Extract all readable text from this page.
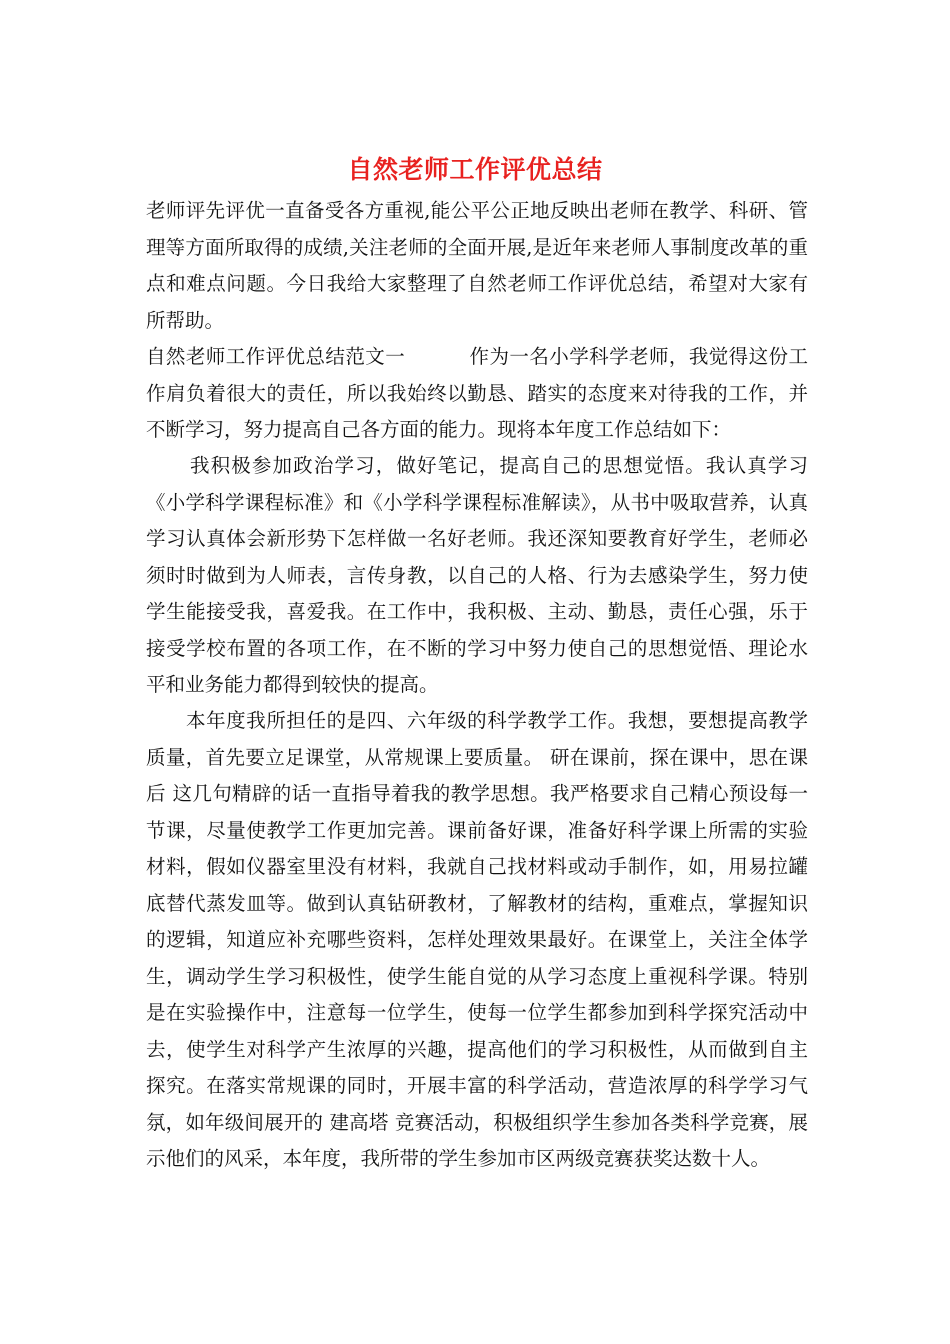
自然老师工作评优总结
老师评先评优一直备受各方重视,能公平公正地反映出老师在教学、科研、管理等方面所取得的成绩,关注老师的全面开展,是近年来老师人事制度改革的重点和难点问题。今日我给大家整理了自然老师工作评优总结，希望对大家有所帮助。
自然老师工作评优总结范文一	作为一名小学科学老师，我觉得这份工作肩负着很大的责任，所以我始终以勤恳、踏实的态度来对待我的工作，并不断学习，努力提高自己各方面的能力。现将本年度工作总结如下：
我积极参加政治学习，做好笔记，提高自己的思想觉悟。我认真学习《小学科学课程标准》和《小学科学课程标准解读》，从书中吸取营养，认真学习认真体会新形势下怎样做一名好老师。我还深知要教育好学生，老师必须时时做到为人师表，言传身教，以自己的人格、行为去感染学生，努力使学生能接受我，喜爱我。在工作中，我积极、主动、勤恳，责任心强，乐于接受学校布置的各项工作，在不断的学习中努力使自己的思想觉悟、理论水平和业务能力都得到较快的提高。
本年度我所担任的是四、六年级的科学教学工作。我想，要想提高教学质量，首先要立足课堂，从常规课上要质量。 研在课前，探在课中，思在课后 这几句精辟的话一直指导着我的教学思想。我严格要求自己精心预设每一节课，尽量使教学工作更加完善。课前备好课，准备好科学课上所需的实验材料，假如仪器室里没有材料，我就自己找材料或动手制作，如，用易拉罐底替代蒸发皿等。做到认真钻研教材，了解教材的结构，重难点，掌握知识的逻辑，知道应补充哪些资料，怎样处理效果最好。在课堂上，关注全体学生，调动学生学习积极性，使学生能自觉的从学习态度上重视科学课。特别是在实验操作中，注意每一位学生，使每一位学生都参加到科学探究活动中去，使学生对科学产生浓厚的兴趣，提高他们的学习积极性，从而做到自主探究。在落实常规课的同时，开展丰富的科学活动，营造浓厚的科学学习气氛，如年级间展开的 建高塔 竞赛活动，积极组织学生参加各类科学竞赛，展示他们的风采，本年度，我所带的学生参加市区两级竞赛获奖达数十人。
